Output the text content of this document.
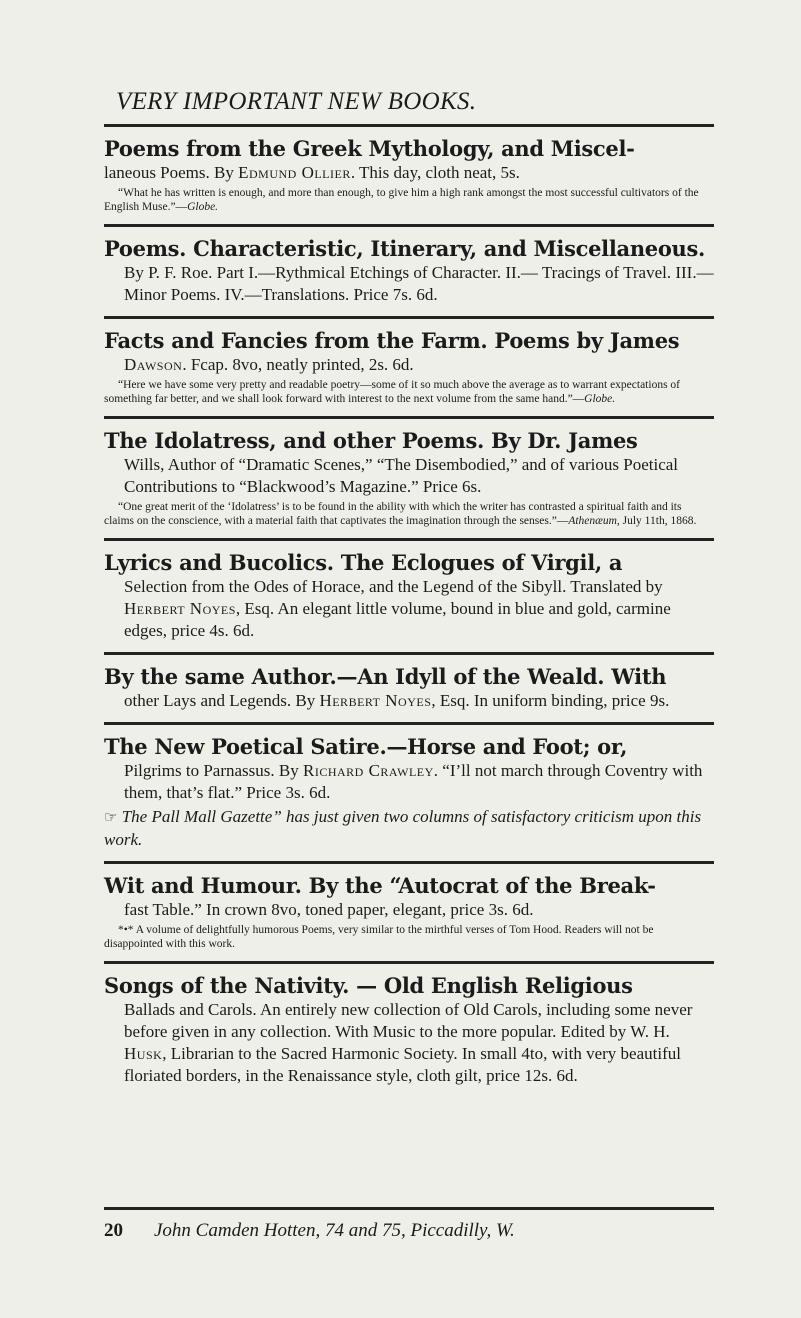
VERY IMPORTANT NEW BOOKS.
Poems from the Greek Mythology, and Miscel-
laneous Poems. By Edmund Ollier. This day, cloth neat, 5s.
“What he has written is enough, and more than enough, to give him a high rank amongst the most successful cultivators of the English Muse.”—Globe.
Poems. Characteristic, Itinerary, and Miscellaneous.
By P. F. Roe. Part I.—Rythmical Etchings of Character. II.— Tracings of Travel. III.—Minor Poems. IV.—Translations. Price 7s. 6d.
Facts and Fancies from the Farm. Poems by James
Dawson. Fcap. 8vo, neatly printed, 2s. 6d.
“Here we have some very pretty and readable poetry—some of it so much above the average as to warrant expectations of something far better, and we shall look forward with interest to the next volume from the same hand.”—Globe.
The Idolatress, and other Poems. By Dr. James
Wills, Author of “Dramatic Scenes,” “The Disembodied,” and of various Poetical Contributions to “Blackwood’s Magazine.” Price 6s.
“One great merit of the ‘Idolatress’ is to be found in the ability with which the writer has contrasted a spiritual faith and its claims on the conscience, with a material faith that captivates the imagination through the senses.”—Athenæum, July 11th, 1868.
Lyrics and Bucolics. The Eclogues of Virgil, a
Selection from the Odes of Horace, and the Legend of the Sibyll. Translated by Herbert Noyes, Esq. An elegant little volume, bound in blue and gold, carmine edges, price 4s. 6d.
By the same Author.—An Idyll of the Weald. With
other Lays and Legends. By Herbert Noyes, Esq. In uniform binding, price 9s.
The New Poetical Satire.—Horse and Foot; or,
Pilgrims to Parnassus. By Richard Crawley. “I’ll not march through Coventry with them, that’s flat.” Price 3s. 6d.
☞ The Pall Mall Gazette” has just given two columns of satisfactory criticism upon this work.
Wit and Humour. By the “Autocrat of the Break-
fast Table.” In crown 8vo, toned paper, elegant, price 3s. 6d.
*•* A volume of delightfully humorous Poems, very similar to the mirthful verses of Tom Hood. Readers will not be disappointed with this work.
Songs of the Nativity. — Old English Religious
Ballads and Carols. An entirely new collection of Old Carols, including some never before given in any collection. With Music to the more popular. Edited by W. H. Husk, Librarian to the Sacred Harmonic Society. In small 4to, with very beautiful floriated borders, in the Renaissance style, cloth gilt, price 12s. 6d.
20 John Camden Hotten, 74 and 75, Piccadilly, W.
